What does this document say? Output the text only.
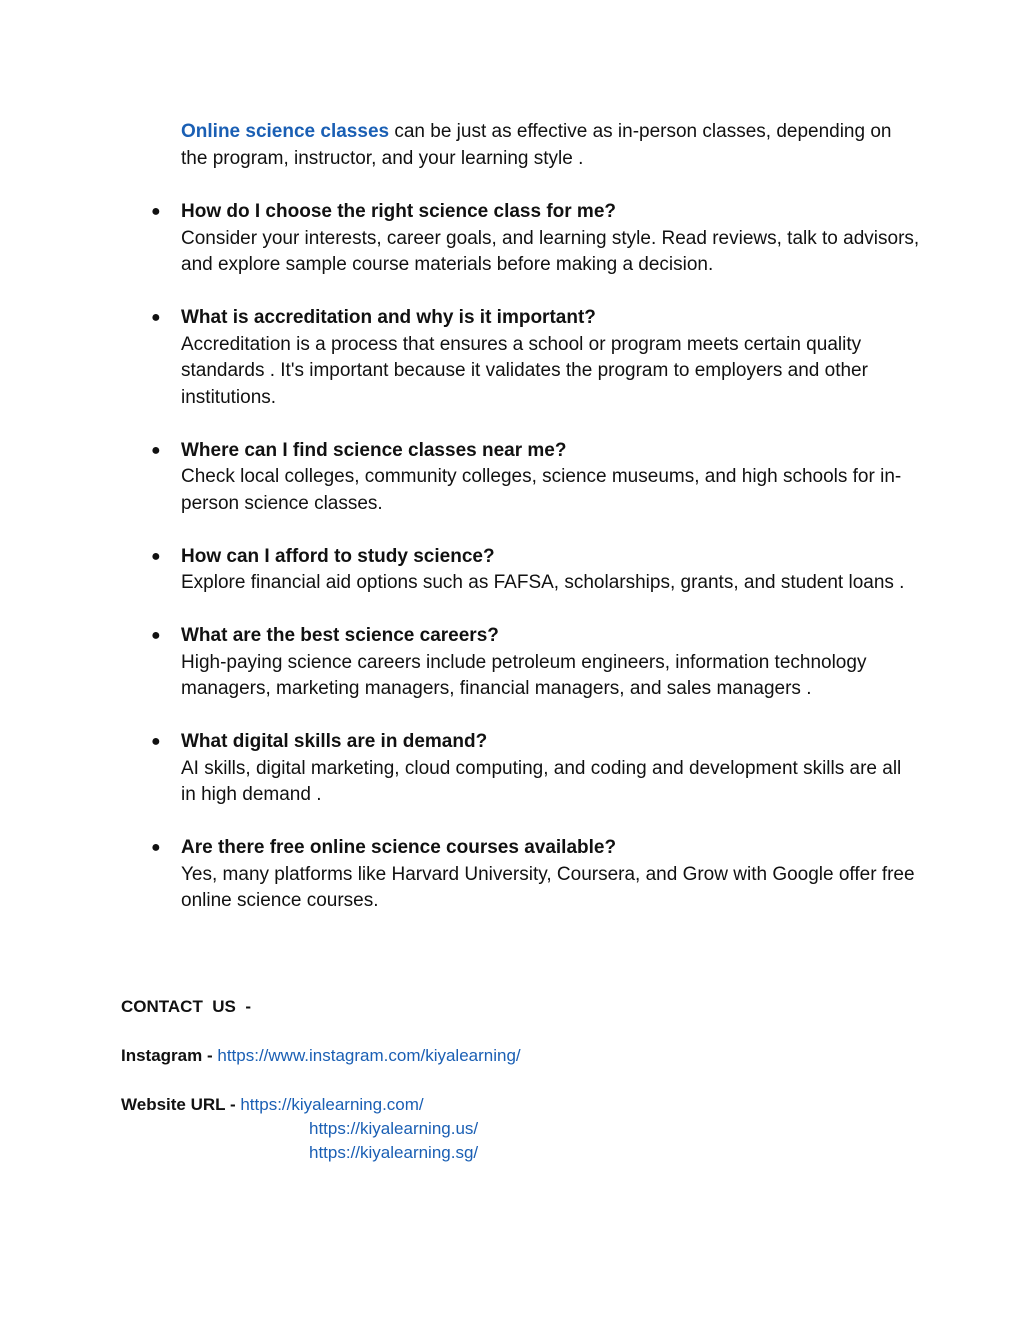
Online science classes can be just as effective as in-person classes, depending on the program, instructor, and your learning style .
● How do I choose the right science class for me?
Consider your interests, career goals, and learning style. Read reviews, talk to advisors, and explore sample course materials before making a decision.
● What is accreditation and why is it important?
Accreditation is a process that ensures a school or program meets certain quality standards . It's important because it validates the program to employers and other institutions.
● Where can I find science classes near me?
Check local colleges, community colleges, science museums, and high schools for in-person science classes.
● How can I afford to study science?
Explore financial aid options such as FAFSA, scholarships, grants, and student loans .
● What are the best science careers?
High-paying science careers include petroleum engineers, information technology managers, marketing managers, financial managers, and sales managers .
● What digital skills are in demand?
AI skills, digital marketing, cloud computing, and coding and development skills are all in high demand .
● Are there free online science courses available?
Yes, many platforms like Harvard University, Coursera, and Grow with Google offer free online science courses.
CONTACT  US  -
Instagram - https://www.instagram.com/kiyalearning/
Website URL - https://kiyalearning.com/
https://kiyalearning.us/
https://kiyalearning.sg/
